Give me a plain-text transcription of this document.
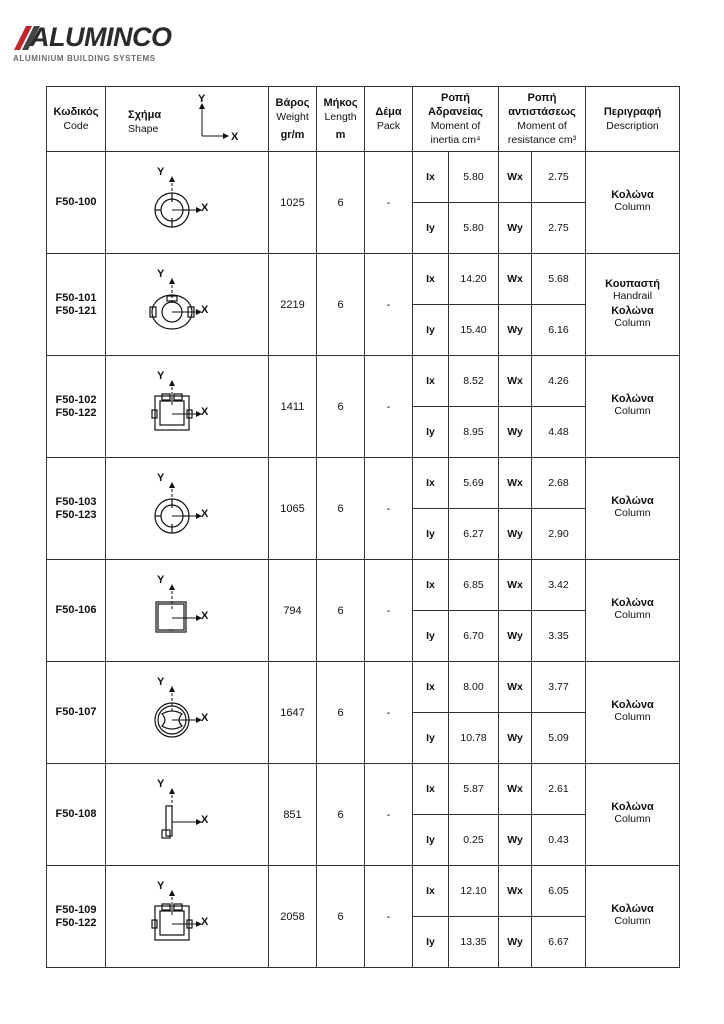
ALUMINCO
ALUMINIUM BUILDING SYSTEMS
Κωδικός
Code	Σχήμα
Shape
Y
X	Βάρος
Weight
gr/m	Μήκος
Length
m	Δέμα
Pack	Ροπή
Αδρανείας
Moment of
inertia cm⁴		Ροπή
αντιστάσεως
Moment of
resistance cm³		Περιγραφή
Description

F50-100	Y
X	1025	6	-	Ix	5.80	Wx	2.75	Κολώνα
Column

					Iy	5.80	Wy	2.75	

F50-101
F50-121	Y
X	2219	6	-	Ix	14.20	Wx	5.68	Κουπαστή
Handrail
Κολώνα
Column

					Iy	15.40	Wy	6.16	

F50-102
F50-122	Y
X	1411	6	-	Ix	8.52	Wx	4.26	Κολώνα
Column

					Iy	8.95	Wy	4.48	

F50-103
F50-123	Y
X	1065	6	-	Ix	5.69	Wx	2.68	Κολώνα
Column

					Iy	6.27	Wy	2.90	

F50-106	Y
X	794	6	-	Ix	6.85	Wx	3.42	Κολώνα
Column

					Iy	6.70	Wy	3.35	

F50-107	Y
X	1647	6	-	Ix	8.00	Wx	3.77	Κολώνα
Column

					Iy	10.78	Wy	5.09	

F50-108	Y
X	851	6	-	Ix	5.87	Wx	2.61	Κολώνα
Column

					Iy	0.25	Wy	0.43	

F50-109
F50-122	Y
X	2058	6	-	Ix	12.10	Wx	6.05	Κολώνα
Column

					Iy	13.35	Wy	6.67	
